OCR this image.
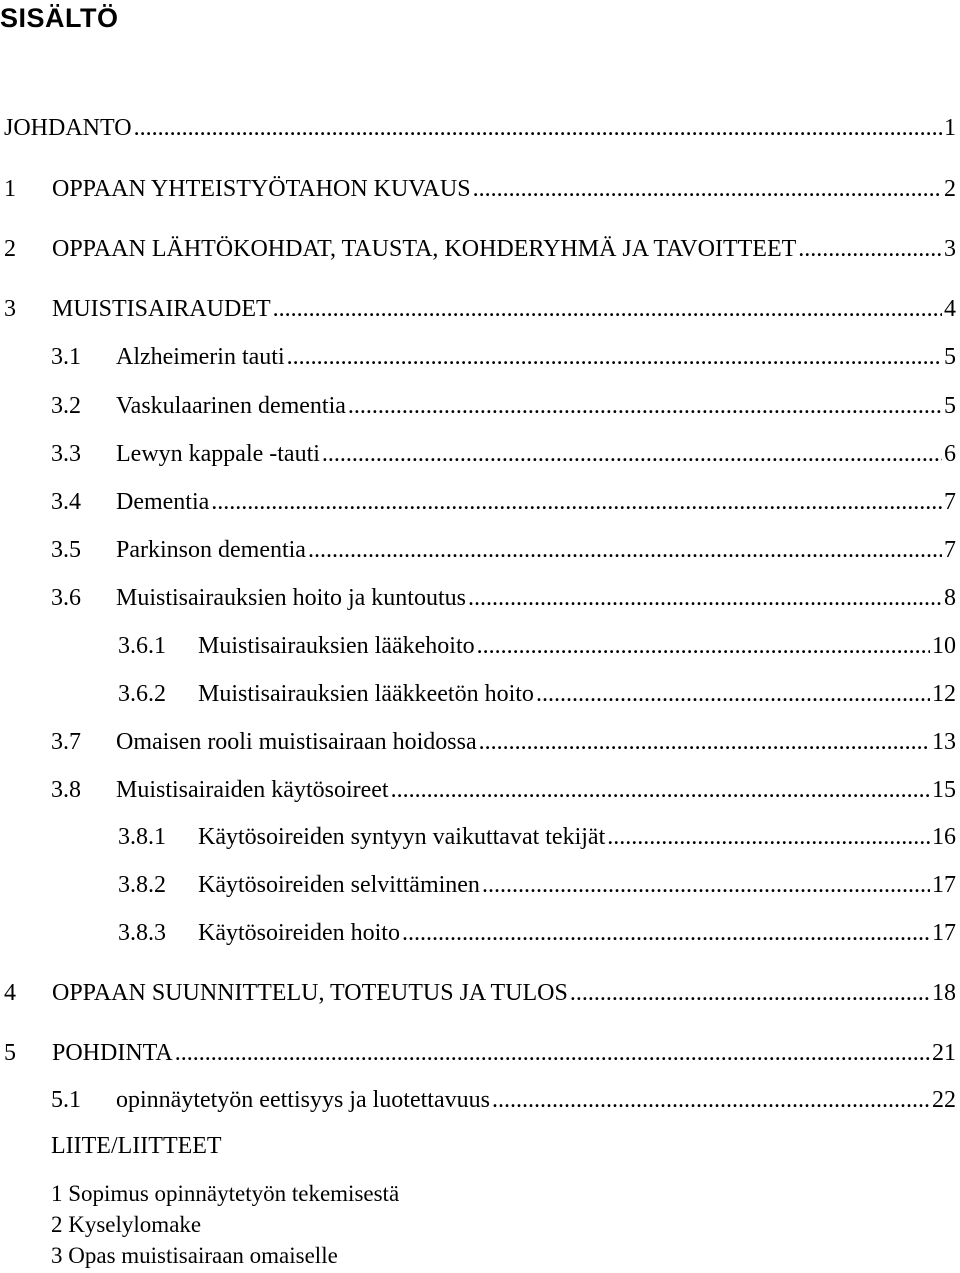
SISÄLTÖ
JOHDANTO .....	1
1	OPPAAN YHTEISTYÖTAHON KUVAUS .....	2
2	OPPAAN LÄHTÖKOHDAT, TAUSTA, KOHDERYHMÄ JA TAVOITTEET .....	3
3	MUISTISAIRAUDET .....	4
3.1	Alzheimerin tauti .....	5
3.2	Vaskulaarinen dementia .....	5
3.3	Lewyn kappale -tauti .....	6
3.4	Dementia .....	7
3.5	Parkinson dementia .....	7
3.6	Muistisairauksien hoito ja kuntoutus .....	8
3.6.1	Muistisairauksien lääkehoito .....	10
3.6.2	Muistisairauksien lääkkeetön hoito .....	12
3.7	Omaisen rooli muistisairaan hoidossa .....	13
3.8	Muistisairaiden käytösoireet .....	15
3.8.1	Käytösoireiden syntyyn vaikuttavat tekijät .....	16
3.8.2	Käytösoireiden selvittäminen .....	17
3.8.3	Käytösoireiden hoito .....	17
4	OPPAAN SUUNNITTELU, TOTEUTUS JA TULOS .....	18
5	POHDINTA .....	21
5.1	opinnäytetyön eettisyys ja luotettavuus .....	22
LIITE/LIITTEET
1 Sopimus opinnäytetyön tekemisestä
2 Kyselylomake
3 Opas muistisairaan omaiselle
